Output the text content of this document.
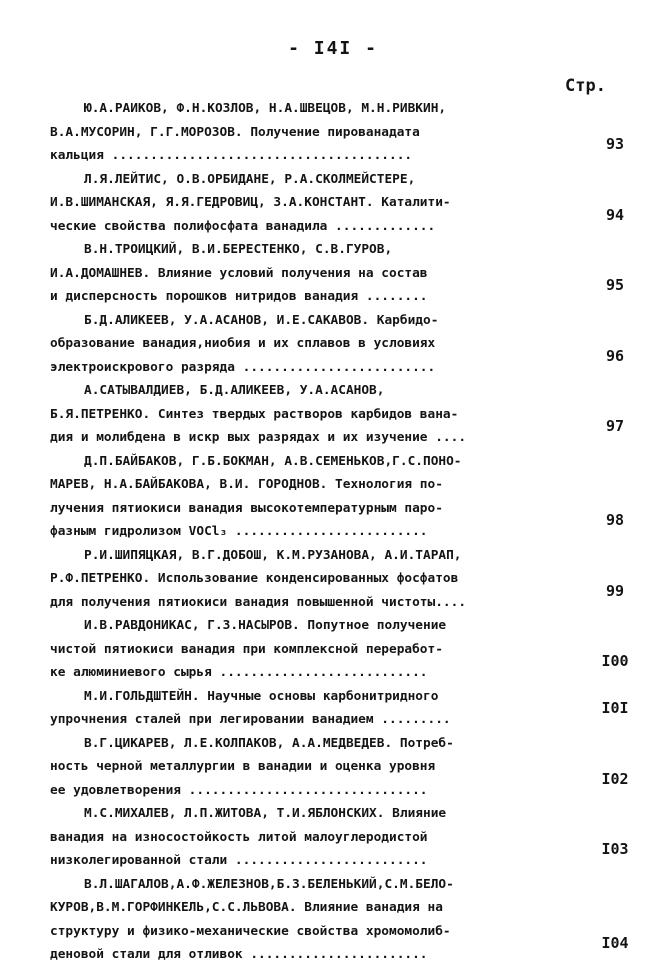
- I4I -
Стр.
Ю.А.РАИКОВ, Ф.Н.КОЗЛОВ, Н.А.ШВЕЦОВ, М.Н.РИВКИН,
В.А.МУСОРИН, Г.Г.МОРОЗОВ. Получение пированадата
кальция .......................................
93
Л.Я.ЛЕЙТИС, О.В.ОРБИДАНЕ, Р.А.СКОЛМЕЙСТЕРЕ,
И.В.ШИМАНСКАЯ, Я.Я.ГЕДРОВИЦ, З.А.КОНСТАНТ. Каталити-
ческие свойства полифосфата ванадила .............
94
В.Н.ТРОИЦКИЙ, В.И.БЕРЕСТЕНКО, С.В.ГУРОВ,
И.А.ДОМАШНЕВ. Влияние условий получения на состав
и дисперсность порошков нитридов ванадия ........
95
Б.Д.АЛИКЕЕВ, У.А.АСАНОВ, И.Е.САКАВОВ. Карбидо-
образование ванадия,ниобия и их сплавов в условиях
электроискрового разряда .........................
96
А.САТЫВАЛДИЕВ, Б.Д.АЛИКЕЕВ, У.А.АСАНОВ,
Б.Я.ПЕТРЕНКО. Синтез твердых растворов карбидов вана-
дия и молибдена в искр вых разрядах и их изучение ....
97
Д.П.БАЙБАКОВ, Г.Б.БОКМАН, А.В.СЕМЕНЬКОВ,Г.С.ПОНО-
МАРЕВ, Н.А.БАЙБАКОВА, В.И. ГОРОДНОВ. Технология по-
лучения пятиокиси ванадия высокотемпературным паро-
фазным гидролизом VOCl₃ .........................
98
Р.И.ШИПЯЦКАЯ, В.Г.ДОБОШ, К.М.РУЗАНОВА, А.И.ТАРАП,
Р.Ф.ПЕТРЕНКО. Использование конденсированных фосфатов
для получения пятиокиси ванадия повышенной чистоты....
99
И.В.РАВДОНИКАС, Г.З.НАСЫРОВ. Попутное получение
чистой пятиокиси ванадия при комплексной переработ-
ке алюминиевого сырья ...........................
I00
М.И.ГОЛЬДШТЕЙН. Научные основы карбонитридного
упрочнения сталей при легировании ванадием .........
I0I
В.Г.ЦИКАРЕВ, Л.Е.КОЛПАКОВ, А.А.МЕДВЕДЕВ. Потреб-
ность черной металлургии в ванадии и оценка уровня
ее удовлетворения ...............................
I02
М.С.МИХАЛЕВ, Л.П.ЖИТОВА, Т.И.ЯБЛОНСКИХ. Влияние
ванадия на износостойкость литой малоуглеродистой
низколегированной стали .........................
I03
В.Л.ШАГАЛОВ,А.Ф.ЖЕЛЕЗНОВ,Б.З.БЕЛЕНЬКИЙ,С.М.БЕЛО-
КУРОВ,В.М.ГОРФИНКЕЛЬ,С.С.ЛЬВОВА. Влияние ванадия на
структуру и физико-механические свойства хромомолиб-
деновой стали для отливок .......................
I04
